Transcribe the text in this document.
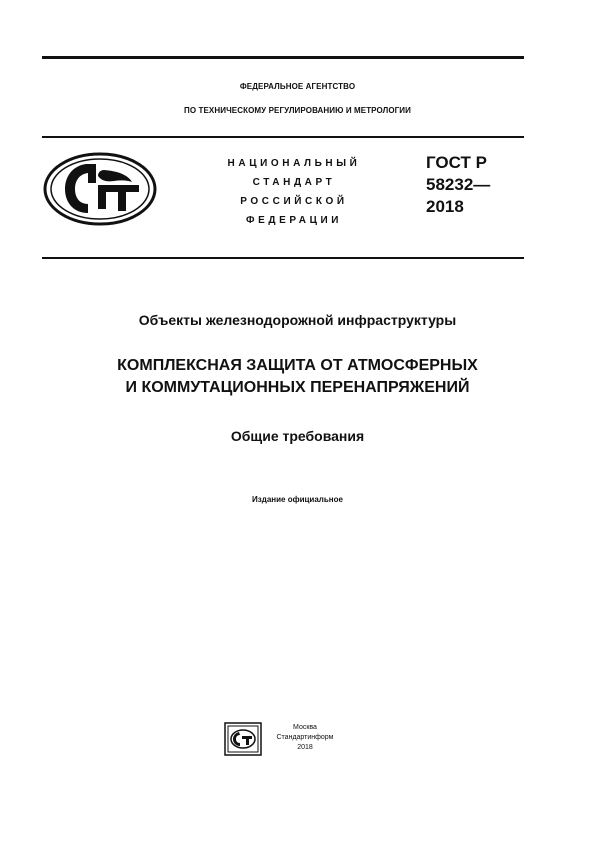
ФЕДЕРАЛЬНОЕ АГЕНТСТВО
ПО ТЕХНИЧЕСКОМУ РЕГУЛИРОВАНИЮ И МЕТРОЛОГИИ
НАЦИОНАЛЬНЫЙ
СТАНДАРТ
РОССИЙСКОЙ
ФЕДЕРАЦИИ
ГОСТ Р
58232—
2018
Объекты железнодорожной инфраструктуры
КОМПЛЕКСНАЯ ЗАЩИТА ОТ АТМОСФЕРНЫХ
И КОММУТАЦИОННЫХ ПЕРЕНАПРЯЖЕНИЙ
Общие требования
Издание официальное
Москва
Стандартинформ
2018
